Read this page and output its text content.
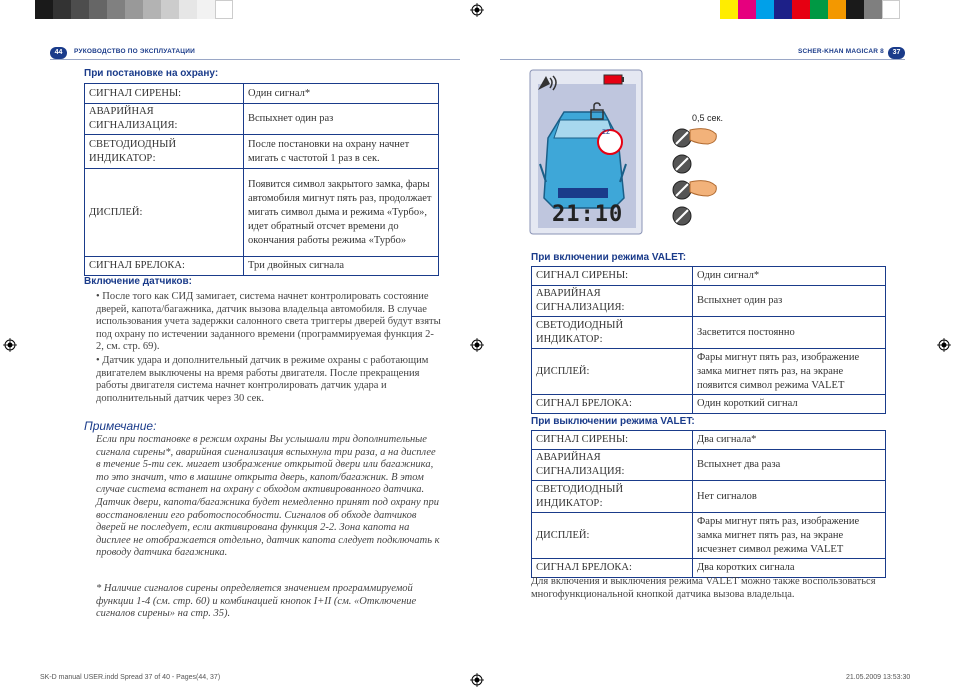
44	РУКОВОДСТВО ПО ЭКСПЛУАТАЦИИ	SCHER-KHAN MAGICAR 8	37
При постановке на охрану:
СИГНАЛ СИРЕНЫ:	Один сигнал*
АВАРИЙНАЯ СИГНАЛИЗАЦИЯ:	Вспыхнет один раз
СВЕТОДИОДНЫЙ ИНДИКАТОР:	После постановки на охрану начнет мигать с частотой 1 раз в сек.
ДИСПЛЕЙ:	Появится символ закрытого замка, фары автомобиля мигнут пять раз, продолжает мигать символ дыма и режима «Турбо», идет обратный отсчет времени до окончания работы режима «Турбо»
СИГНАЛ БРЕЛОКА:	Три двойных сигнала
Включение датчиков:
• После того как СИД замигает, система начнет контролировать состояние дверей, капота/багажника, датчик вызова владельца автомобиля. В случае использования учета задержки салонного света триггеры дверей будут взяты под охрану по истечении заданного времени (программируемая функция 2-2, см. стр. 69).
• Датчик удара и дополнительный датчик в режиме охраны с работающим двигателем выключены на время работы двигателя. После прекращения работы двигателя система начнет контролировать датчик удара и дополнительный датчик через 30 сек.
Примечание:
Если при постановке в режим охраны Вы услышали три дополнительные сигнала сирены*, аварийная сигнализация вспыхнула три раза, а на дисплее в течение 5-ти сек. мигает изображение открытой двери или багажника, то это значит, что в машине открыта дверь, капот/багажник. В этом случае система встанет на охрану с обходом активированного датчика. Датчик двери, капота/багажника будет немедленно принят под охрану при восстановлении его работоспособности. Сигналов об обходе датчиков дверей не последует, если активирована функция 2-2. Зона капота на дисплее не отображается отдельно, датчик капота следует подключать к проводу датчика багажника.
* Наличие сигналов сирены определяется значением программируемой функции 1-4 (см. стр. 60) и комбинацией кнопок I+II (см. «Отключение сигналов сирены» на стр. 35).
zz
21:10
0,5 сек.
При включении режима VALET:
СИГНАЛ СИРЕНЫ:	Один сигнал*
АВАРИЙНАЯ СИГНАЛИЗАЦИЯ:	Вспыхнет один раз
СВЕТОДИОДНЫЙ ИНДИКАТОР:	Засветится постоянно
ДИСПЛЕЙ:	Фары мигнут пять раз, изображение замка мигнет пять раз, на экране появится символ режима VALET
СИГНАЛ БРЕЛОКА:	Один короткий сигнал
При выключении режима VALET:
СИГНАЛ СИРЕНЫ:	Два сигнала*
АВАРИЙНАЯ СИГНАЛИЗАЦИЯ:	Вспыхнет два раза
СВЕТОДИОДНЫЙ ИНДИКАТОР:	Нет сигналов
ДИСПЛЕЙ:	Фары мигнут пять раз, изображение замка мигнет пять раз, на экране исчезнет символ режима VALET
СИГНАЛ БРЕЛОКА:	Два коротких сигнала
Для включения и выключения режима VALET можно также воспользоваться многофункциональной кнопкой датчика вызова владельца.
SK-D manual USER.indd Spread 37 of 40 - Pages(44, 37)	21.05.2009 13:53:30
